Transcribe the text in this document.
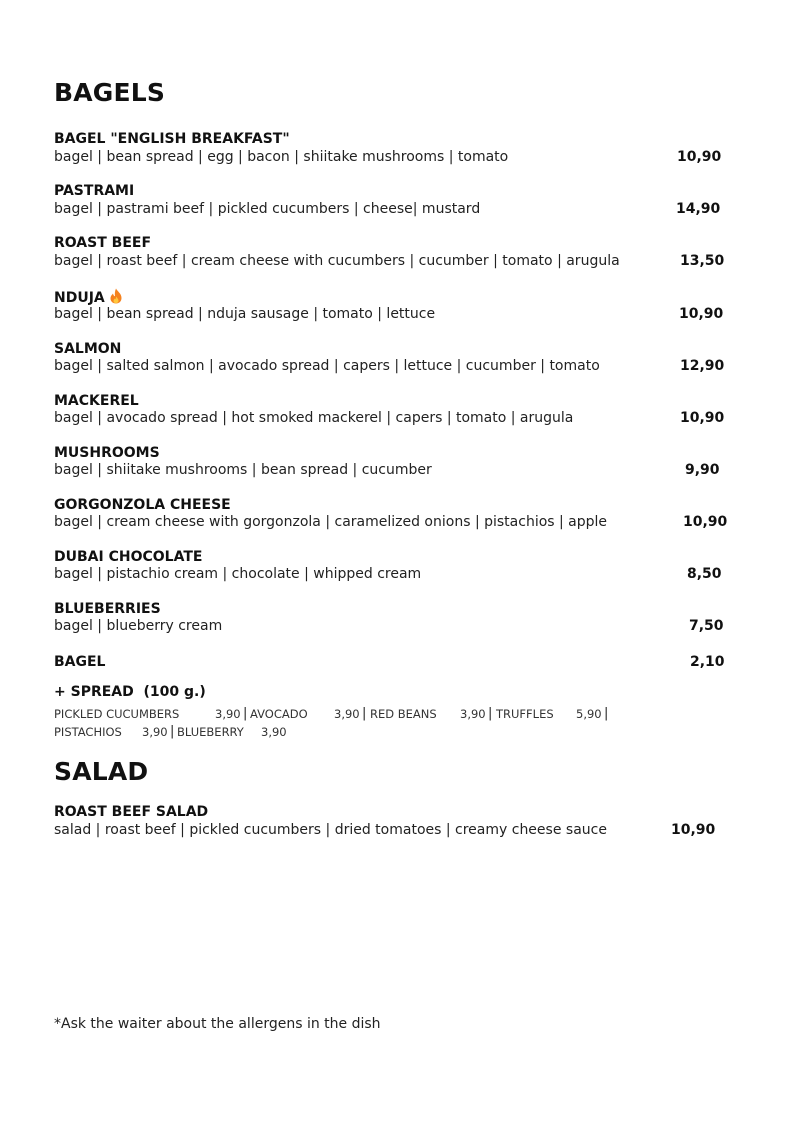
BAGELS
BAGEL "ENGLISH BREAKFAST"
bagel | bean spread | egg | bacon | shiitake mushrooms | tomato	10,90
PASTRAMI
bagel | pastrami beef | pickled cucumbers | cheese| mustard	14,90
ROAST BEEF
bagel | roast beef | cream cheese with cucumbers | cucumber | tomato | arugula	13,50
NDUJA
bagel | bean spread | nduja sausage | tomato | lettuce	10,90
SALMON
bagel | salted salmon | avocado spread | capers | lettuce | cucumber | tomato	12,90
MACKEREL
bagel | avocado spread | hot smoked mackerel | capers | tomato | arugula	10,90
MUSHROOMS
bagel | shiitake mushrooms | bean spread | cucumber	9,90
GORGONZOLA CHEESE
bagel | cream cheese with gorgonzola | caramelized onions | pistachios | apple	10,90
DUBAI CHOCOLATE
bagel | pistachio cream | chocolate | whipped cream	8,50
BLUEBERRIES
bagel | blueberry cream	7,50
BAGEL	2,10
+ SPREAD  (100 g.)
PICKLED CUCUMBERS	3,90 | AVOCADO 3,90 | RED BEANS 3,90 | TRUFFLES 5,90 |
PISTACHIOS 3,90 | BLUEBERRY 3,90
SALAD
ROAST BEEF SALAD
salad | roast beef | pickled cucumbers | dried tomatoes | creamy cheese sauce	10,90
*Ask the waiter about the allergens in the dish
